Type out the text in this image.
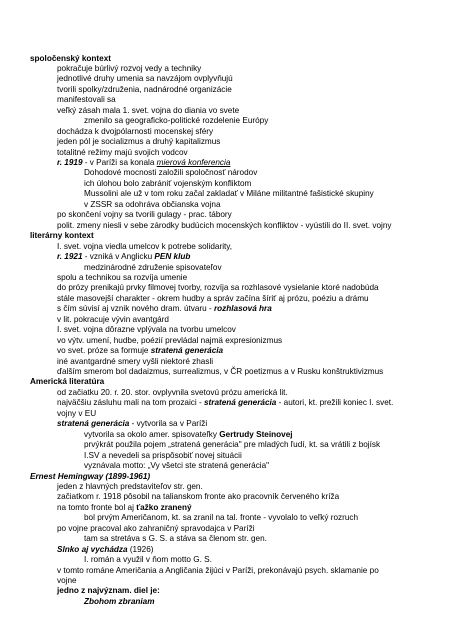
spoločenský kontext
pokračuje búrlivý rozvoj vedy a techniky
jednotlivé druhy umenia sa navzájom ovplyvňujú
tvorili spolky/združenia, nadnárodné organizácie
manifestovali sa
veľký zásah mala 1. svet. vojna do diania vo svete
zmenilo sa geograficko-politické rozdelenie Európy
dochádza k dvojpólarnosti mocenskej sféry
jeden pól je socializmus a druhý kapitalizmus
totalitné režimy majú svojich vodcov
r. 1919 - v Paríži sa konala mierová konferencia
Dohodové mocnosti založili spoločnosť národov
ich úlohou bolo zabrániť vojenským konfliktom
Mussolini ale už v tom roku začal zakladať v Miláne militantné fašistické skupiny
v ZSSR sa odohráva občianska vojna
po skončení vojny sa tvorili gulagy - prac. tábory
polit. zmeny niesli v sebe zárodky budúcich mocenských konfliktov - vyústili do II. svet. vojny
literárny kontext
I. svet. vojna viedla umelcov k potrebe solidarity,
r. 1921 - vzniká v Anglicku PEN klub
medzinárodné združenie spisovateľov
spolu a technikou sa rozvíja umenie
do prózy prenikajú prvky filmovej tvorby, rozvíja sa rozhlasové vysielanie ktoré nadobúda
stále masovejší charakter - okrem hudby a správ začína šíriť aj prózu, poéziu a drámu
s čím súvisí aj vznik nového dram. útvaru - rozhlasová hra
v lit. pokracuje vývin avantgárd
I. svet. vojna dôrazne vplývala na tvorbu umelcov
vo výtv. umení, hudbe, poézií prevládal najmä expresionizmus
vo svet. próze sa formuje stratená generácia
iné avantgardné smery vyšli niektoré zhasli
ďalším smerom bol dadaizmus, surrealizmus, v ČR poetizmus a v Rusku konštruktivizmus
Americká literatúra
od začiatku 20. r. 20. stor. ovplyvnila svetovú prózu americká lit.
najväčšiu zásluhu mali na tom prozaici - stratená generácia - autori, kt. prežili koniec I. svet.
vojny v EU
stratená generácia - vytvorila sa v Paríži
vytvorila sa okolo amer. spisovateľky Gertrudy Steinovej
prvýkrát použila pojem „stratená generácia" pre mladých ľudí, kt. sa vrátili z bojísk
I.SV a nevedeli sa prispôsobiť novej situácii
vyznávala motto: „Vy všetci ste stratená generácia"
Ernest Hemingway (1899-1961)
jeden z hlavných predstaviteľov str. gen.
začiatkom r. 1918 pôsobil na talianskom fronte ako pracovník červeného kríža
na tomto fronte bol aj ťažko zranený
bol prvým Američanom, kt. sa zranil na tal. fronte - vyvolalo to veľký rozruch
po vojne pracoval ako zahraničný spravodajca v Paríži
tam sa stretáva s G. S. a stáva sa členom str. gen.
Slnko aj vychádza (1926)
I. román a využil v ňom motto G. S.
v tomto románe Američania a Angličania žijúci v Paríži, prekonávajú psych. sklamanie po
vojne
jedno z najvýznam. diel je:
Zbohom zbraniam
